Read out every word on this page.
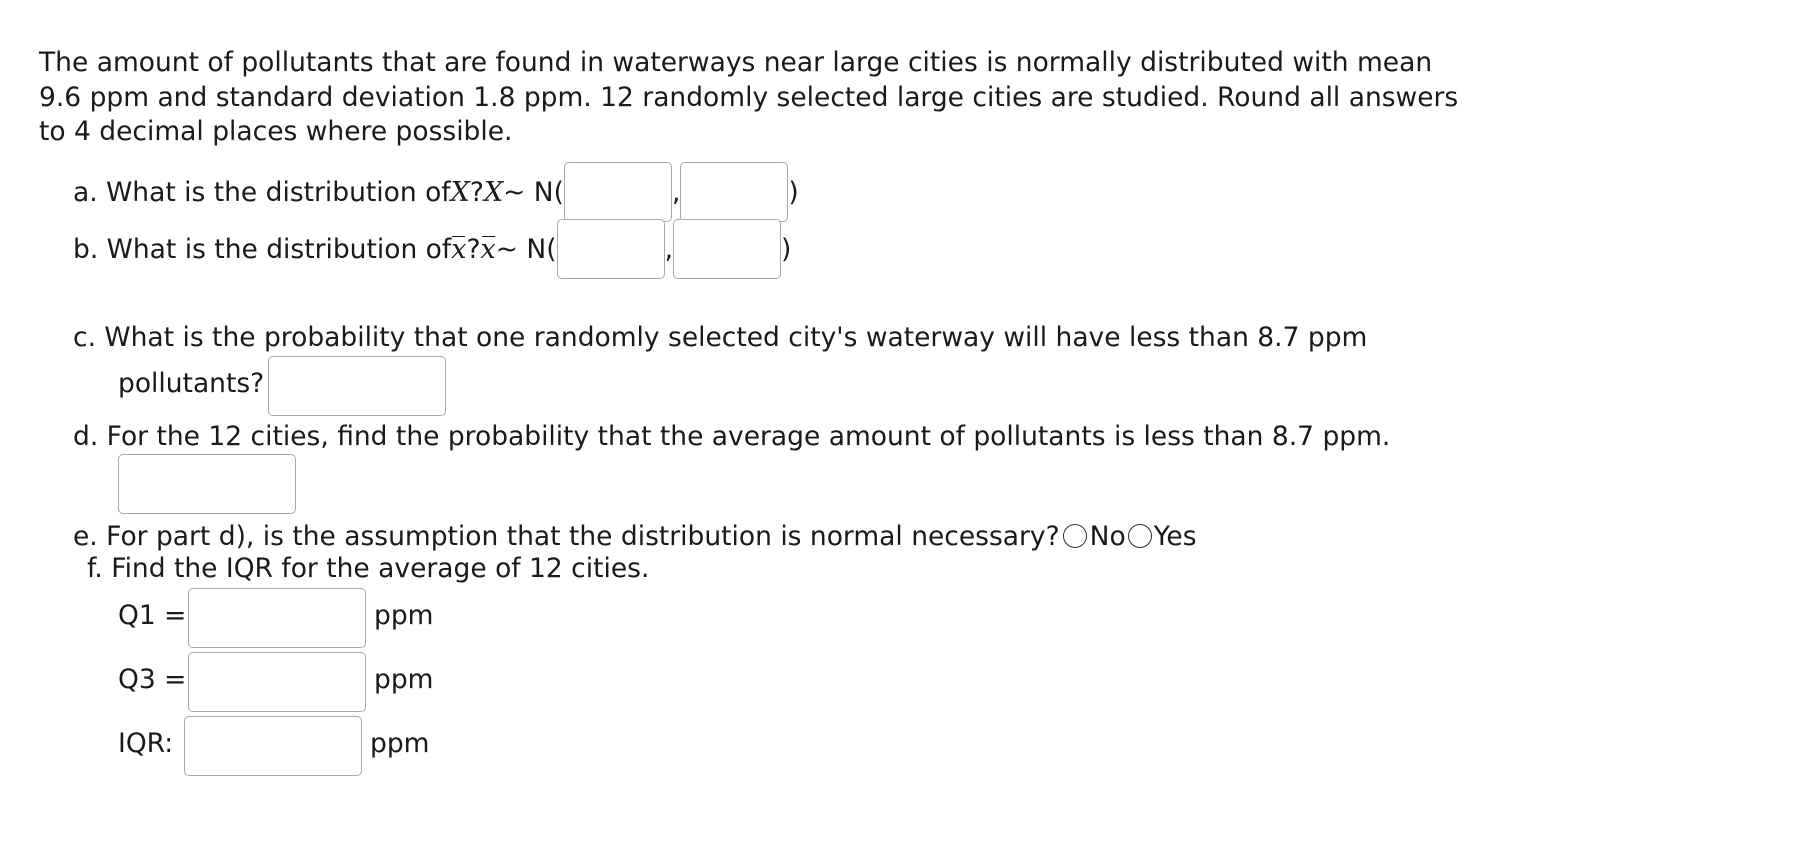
The amount of pollutants that are found in waterways near large cities is normally distributed with mean 9.6 ppm and standard deviation 1.8 ppm. 12 randomly selected large cities are studied. Round all answers to 4 decimal places where possible.
a. What is the distribution of X ? X ~ N(	,	)
b. What is the distribution of x ? x ~ N(	,	)
c. What is the probability that one randomly selected city's waterway will have less than 8.7 ppm
pollutants?
d. For the 12 cities, find the probability that the average amount of pollutants is less than 8.7 ppm.
e. For part d), is the assumption that the distribution is normal necessary? No Yes
f. Find the IQR for the average of 12 cities.
Q1 =	ppm
Q3 =	ppm
IQR:	ppm
